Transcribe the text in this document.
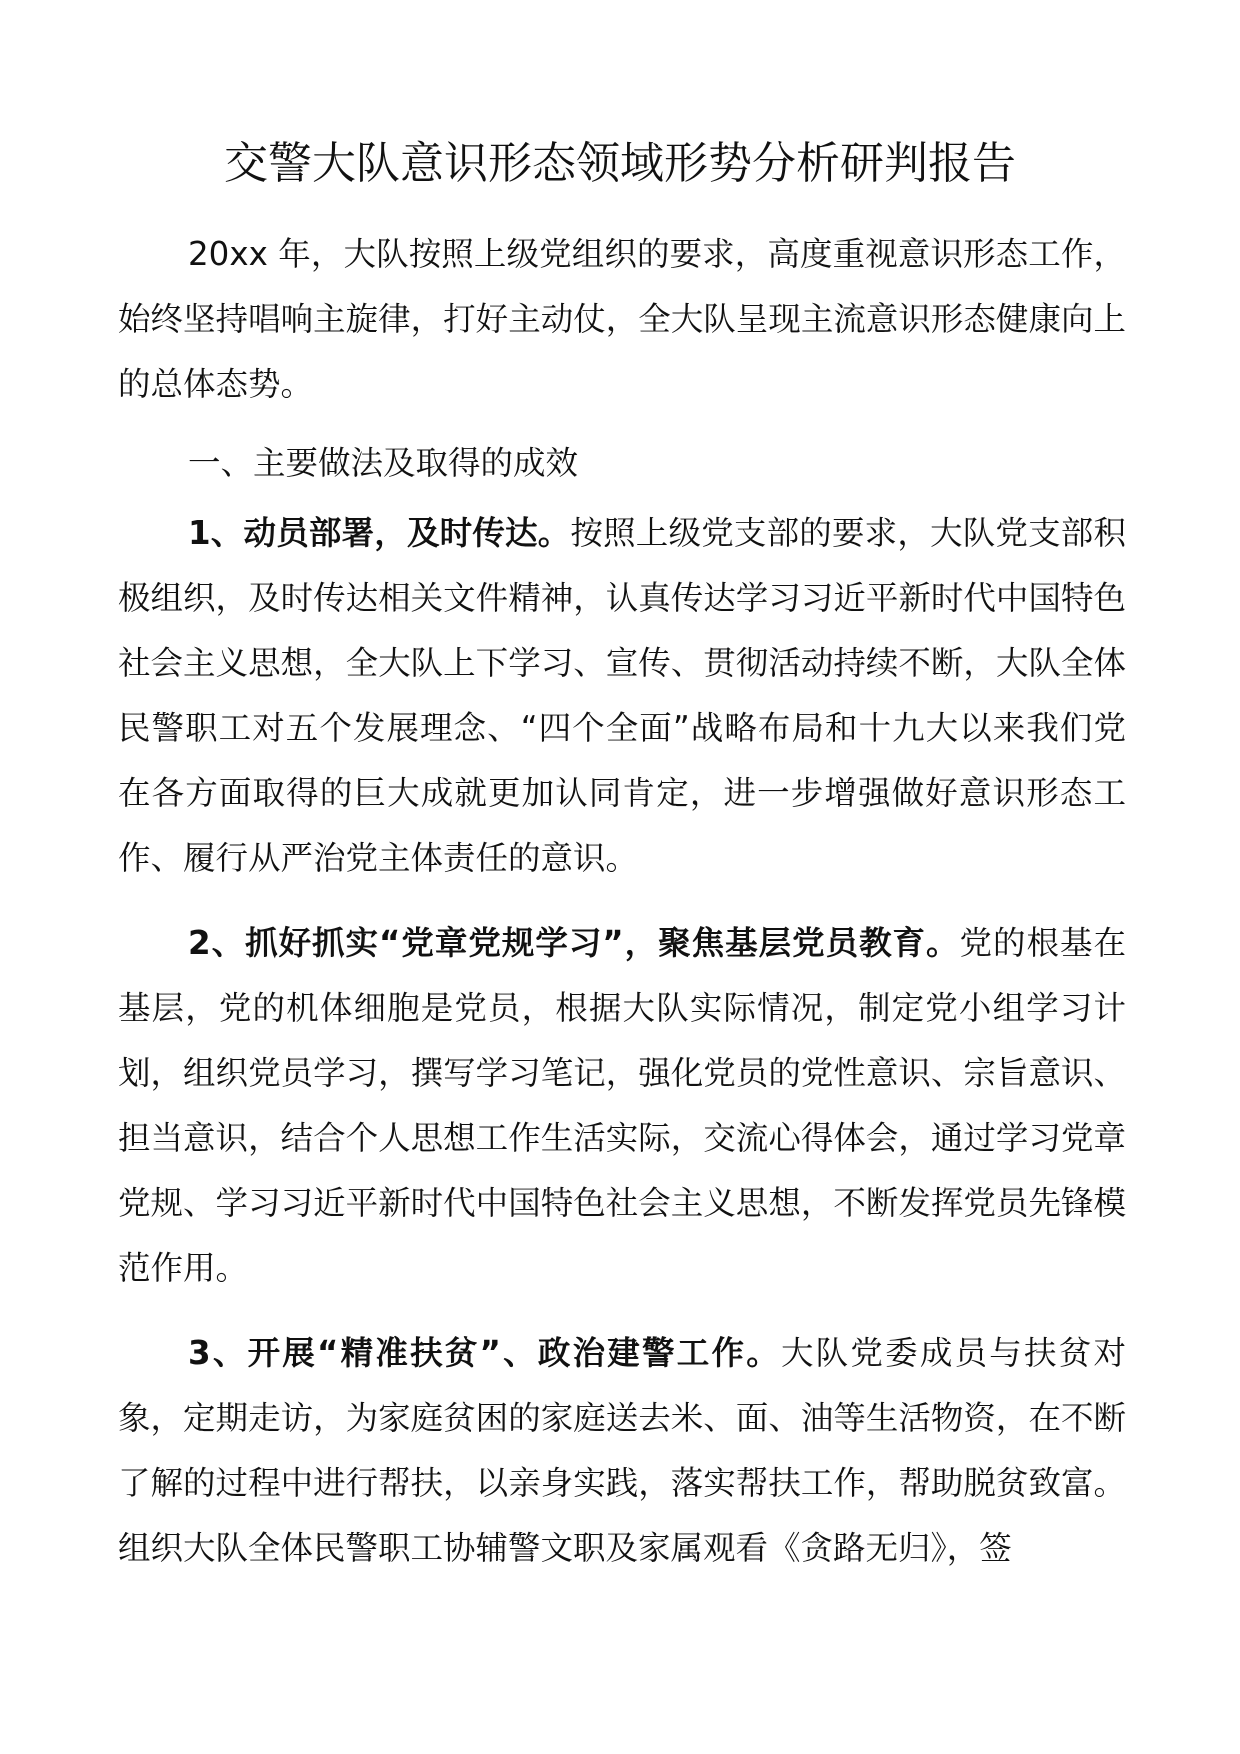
交警大队意识形态领域形势分析研判报告

20xx 年，大队按照上级党组织的要求，高度重视意识形态工作，始终坚持唱响主旋律，打好主动仗，全大队呈现主流意识形态健康向上的总体态势。

一、主要做法及取得的成效

1、动员部署，及时传达。按照上级党支部的要求，大队党支部积极组织，及时传达相关文件精神，认真传达学习习近平新时代中国特色社会主义思想，全大队上下学习、宣传、贯彻活动持续不断，大队全体民警职工对五个发展理念、“四个全面”战略布局和十九大以来我们党在各方面取得的巨大成就更加认同肯定，进一步增强做好意识形态工作、履行从严治党主体责任的意识。

2、抓好抓实“党章党规学习”，聚焦基层党员教育。党的根基在基层，党的机体细胞是党员，根据大队实际情况，制定党小组学习计划，组织党员学习，撰写学习笔记，强化党员的党性意识、宗旨意识、担当意识，结合个人思想工作生活实际，交流心得体会，通过学习党章党规、学习习近平新时代中国特色社会主义思想，不断发挥党员先锋模范作用。

3、开展“精准扶贫”、政治建警工作。大队党委成员与扶贫对象，定期走访，为家庭贫困的家庭送去米、面、油等生活物资，在不断了解的过程中进行帮扶，以亲身实践，落实帮扶工作，帮助脱贫致富。组织大队全体民警职工协辅警文职及家属观看《贪路无归》，签
